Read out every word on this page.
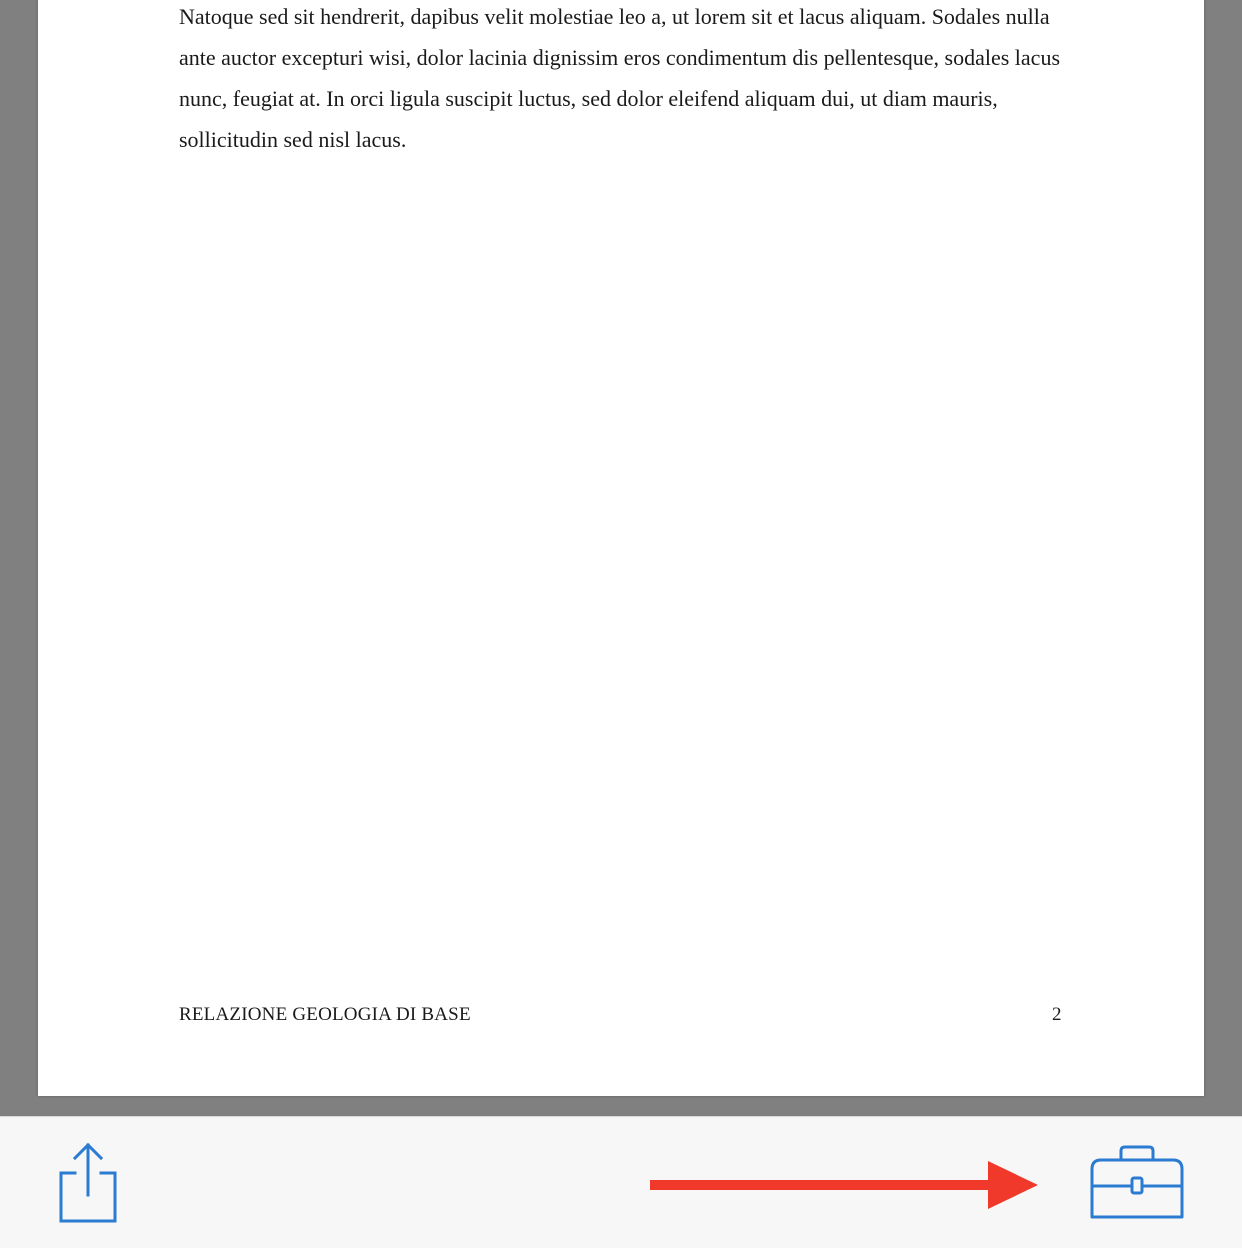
Natoque sed sit hendrerit, dapibus velit molestiae leo a, ut lorem sit et lacus aliquam. Sodales nulla ante auctor excepturi wisi, dolor lacinia dignissim eros condimentum dis pellentesque, sodales lacus nunc, feugiat at. In orci ligula suscipit luctus, sed dolor eleifend aliquam dui, ut diam mauris, sollicitudin sed nisl lacus.

RELAZIONE GEOLOGIA DI BASE	2
